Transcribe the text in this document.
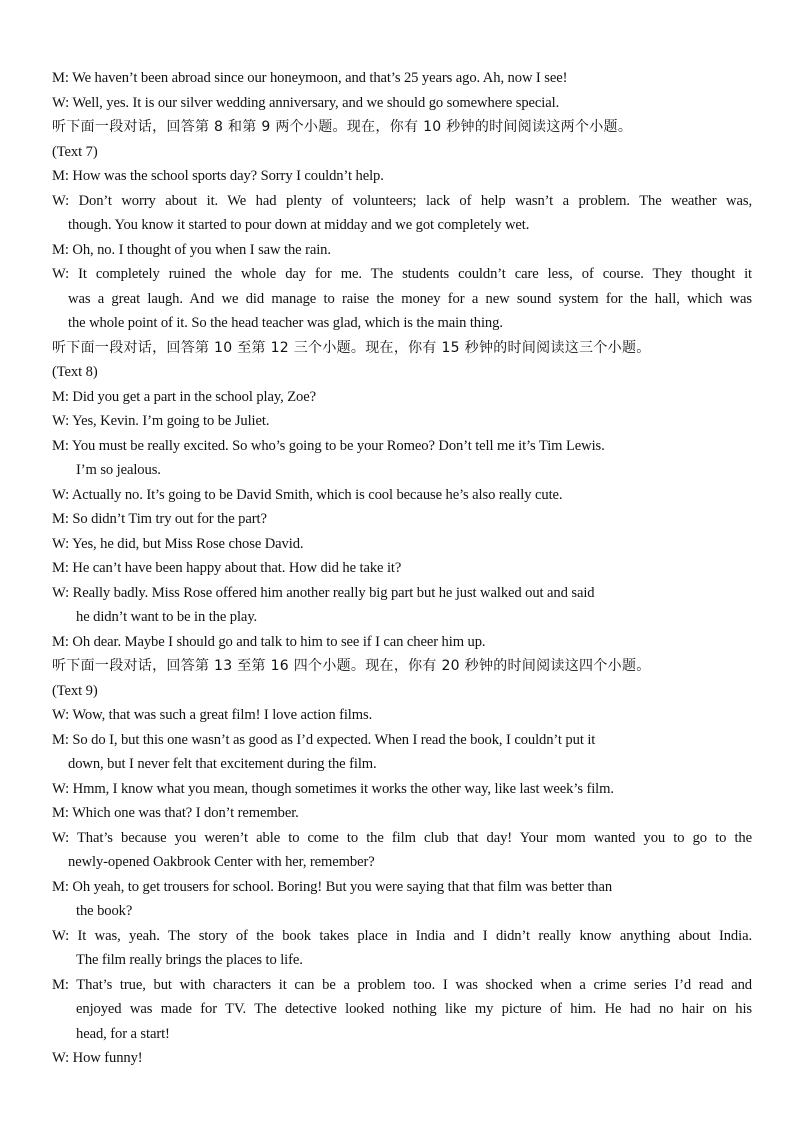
M: We haven’t been abroad since our honeymoon, and that’s 25 years ago. Ah, now I see!
W: Well, yes. It is our silver wedding anniversary, and we should go somewhere special.
听下面一段对话，回答第 8 和第 9 两个小题。现在，你有 10 秒钟的时间阅读这两个小题。
(Text 7)
M: How was the school sports day? Sorry I couldn’t help.
W: Don’t worry about it. We had plenty of volunteers; lack of help wasn’t a problem. The weather was,
though. You know it started to pour down at midday and we got completely wet.
M: Oh, no. I thought of you when I saw the rain.
W: It completely ruined the whole day for me. The students couldn’t care less, of course. They thought it
was a great laugh. And we did manage to raise the money for a new sound system for the hall, which was
the whole point of it. So the head teacher was glad, which is the main thing.
听下面一段对话，回答第 10 至第 12 三个小题。现在，你有 15 秒钟的时间阅读这三个小题。
(Text 8)
M: Did you get a part in the school play, Zoe?
W: Yes, Kevin. I’m going to be Juliet.
M: You must be really excited. So who’s going to be your Romeo? Don’t tell me it’s Tim Lewis.
I’m so jealous.
W: Actually no. It’s going to be David Smith, which is cool because he’s also really cute.
M: So didn’t Tim try out for the part?
W: Yes, he did, but Miss Rose chose David.
M: He can’t have been happy about that. How did he take it?
W: Really badly. Miss Rose offered him another really big part but he just walked out and said
he didn’t want to be in the play.
M: Oh dear. Maybe I should go and talk to him to see if I can cheer him up.
听下面一段对话，回答第 13 至第 16 四个小题。现在，你有 20 秒钟的时间阅读这四个小题。
(Text 9)
W: Wow, that was such a great film! I love action films.
M: So do I, but this one wasn’t as good as I’d expected. When I read the book, I couldn’t put it
down, but I never felt that excitement during the film.
W: Hmm, I know what you mean, though sometimes it works the other way, like last week’s film.
M: Which one was that? I don’t remember.
W: That’s because you weren’t able to come to the film club that day! Your mom wanted you to go to the
newly-opened Oakbrook Center with her, remember?
M: Oh yeah, to get trousers for school. Boring! But you were saying that that film was better than
the book?
W: It was, yeah. The story of the book takes place in India and I didn’t really know anything about India.
The film really brings the places to life.
M: That’s true, but with characters it can be a problem too. I was shocked when a crime series I’d read and
enjoyed was made for TV. The detective looked nothing like my picture of him. He had no hair on his
head, for a start!
W: How funny!
